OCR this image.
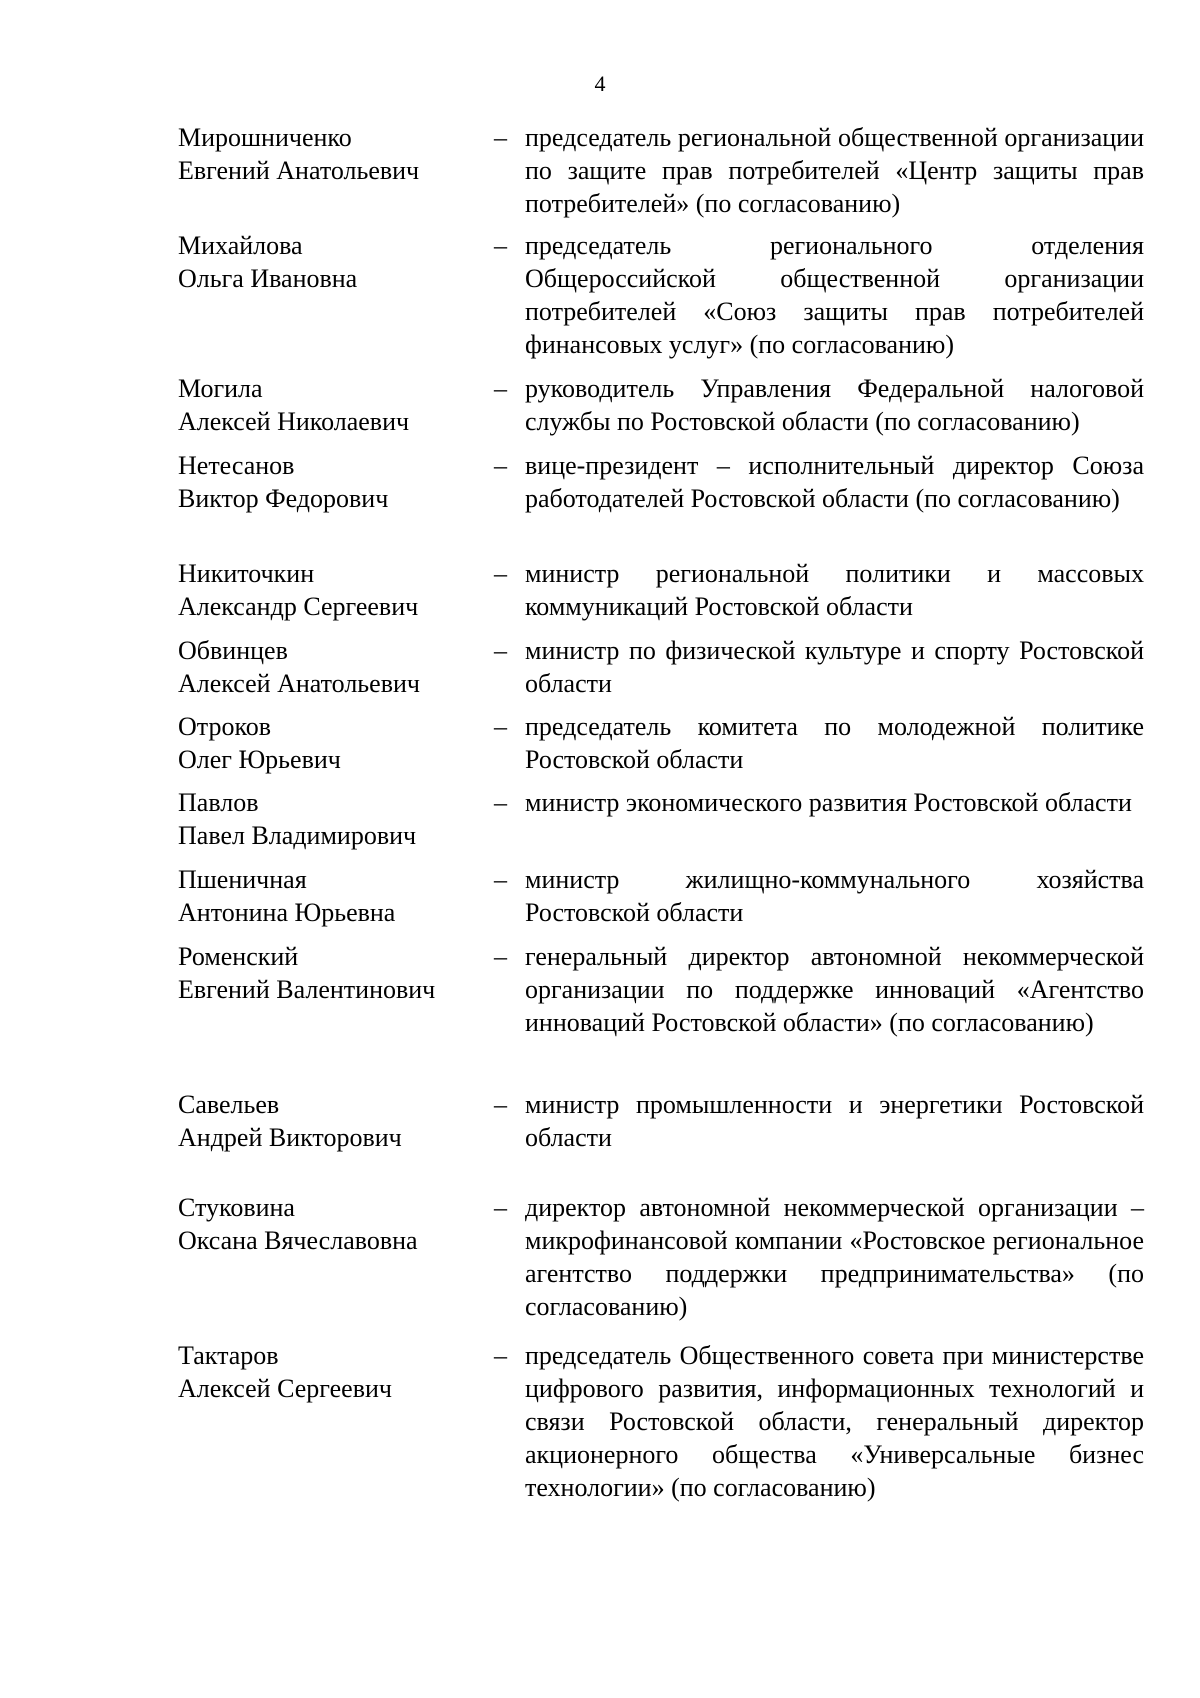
4
Мирошниченко
Евгений Анатольевич
– председатель региональной общественной организации по защите прав потребителей «Центр защиты прав потребителей» (по согласованию)
Михайлова
Ольга Ивановна
– председатель регионального отделения Общероссийской общественной организации потребителей «Союз защиты прав потребителей финансовых услуг» (по согласованию)
Могила
Алексей Николаевич
– руководитель Управления Федеральной налоговой службы по Ростовской области (по согласованию)
Нетесанов
Виктор Федорович
– вице-президент – исполнительный директор Союза работодателей Ростовской области (по согласованию)
Никиточкин
Александр Сергеевич
– министр региональной политики и массовых коммуникаций Ростовской области
Обвинцев
Алексей Анатольевич
– министр по физической культуре и спорту Ростовской области
Отроков
Олег Юрьевич
– председатель комитета по молодежной политике Ростовской области
Павлов
Павел Владимирович
– министр экономического развития Ростовской области
Пшеничная
Антонина Юрьевна
– министр жилищно-коммунального хозяйства Ростовской области
Роменский
Евгений Валентинович
– генеральный директор автономной некоммерческой организации по поддержке инноваций «Агентство инноваций Ростовской области» (по согласованию)
Савельев
Андрей Викторович
– министр промышленности и энергетики Ростовской области
Стуковина
Оксана Вячеславовна
– директор автономной некоммерческой организации – микрофинансовой компании «Ростовское региональное агентство поддержки предпринимательства» (по согласованию)
Тактаров
Алексей Сергеевич
– председатель Общественного совета при министерстве цифрового развития, информационных технологий и связи Ростовской области, генеральный директор акционерного общества «Универсальные бизнес технологии» (по согласованию)
